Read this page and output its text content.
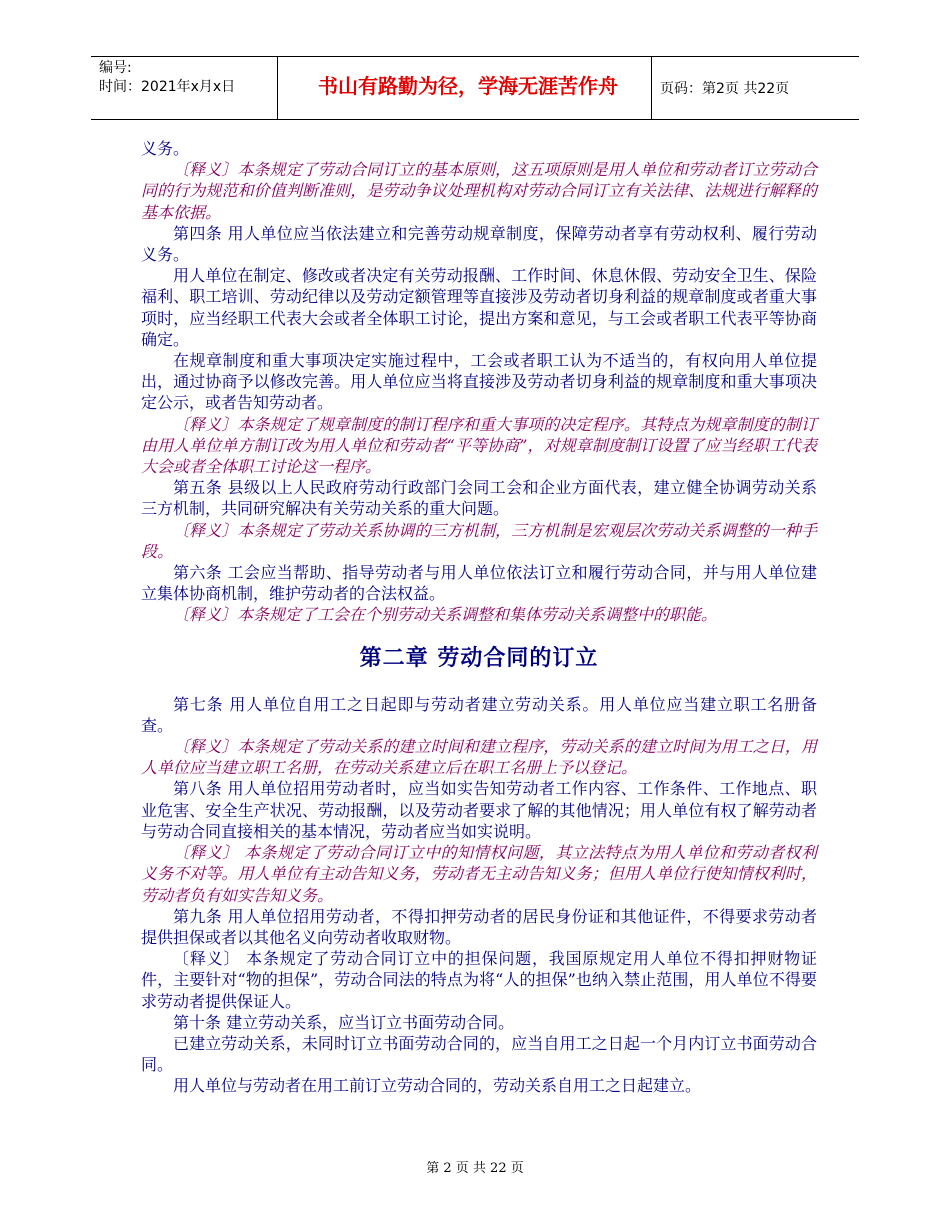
编号:
时间：2021年x月x日	书山有路勤为径，学海无涯苦作舟	页码：第2页 共22页

义务。

〔释义〕本条规定了劳动合同订立的基本原则，这五项原则是用人单位和劳动者订立劳动合同的行为规范和价值判断准则，是劳动争议处理机构对劳动合同订立有关法律、法规进行解释的基本依据。

第四条 用人单位应当依法建立和完善劳动规章制度，保障劳动者享有劳动权利、履行劳动义务。

用人单位在制定、修改或者决定有关劳动报酬、工作时间、休息休假、劳动安全卫生、保险福利、职工培训、劳动纪律以及劳动定额管理等直接涉及劳动者切身利益的规章制度或者重大事项时，应当经职工代表大会或者全体职工讨论，提出方案和意见，与工会或者职工代表平等协商确定。

在规章制度和重大事项决定实施过程中，工会或者职工认为不适当的，有权向用人单位提出，通过协商予以修改完善。用人单位应当将直接涉及劳动者切身利益的规章制度和重大事项决定公示，或者告知劳动者。

〔释义〕本条规定了规章制度的制订程序和重大事项的决定程序。其特点为规章制度的制订由用人单位单方制订改为用人单位和劳动者“平等协商”，对规章制度制订设置了应当经职工代表大会或者全体职工讨论这一程序。

第五条 县级以上人民政府劳动行政部门会同工会和企业方面代表，建立健全协调劳动关系三方机制，共同研究解决有关劳动关系的重大问题。

〔释义〕本条规定了劳动关系协调的三方机制，三方机制是宏观层次劳动关系调整的一种手段。

第六条 工会应当帮助、指导劳动者与用人单位依法订立和履行劳动合同，并与用人单位建立集体协商机制，维护劳动者的合法权益。

〔释义〕本条规定了工会在个别劳动关系调整和集体劳动关系调整中的职能。

第二章 劳动合同的订立

第七条 用人单位自用工之日起即与劳动者建立劳动关系。用人单位应当建立职工名册备查。

〔释义〕本条规定了劳动关系的建立时间和建立程序，劳动关系的建立时间为用工之日，用人单位应当建立职工名册，在劳动关系建立后在职工名册上予以登记。

第八条 用人单位招用劳动者时，应当如实告知劳动者工作内容、工作条件、工作地点、职业危害、安全生产状况、劳动报酬，以及劳动者要求了解的其他情况；用人单位有权了解劳动者与劳动合同直接相关的基本情况，劳动者应当如实说明。

〔释义〕 本条规定了劳动合同订立中的知情权问题，其立法特点为用人单位和劳动者权利义务不对等。用人单位有主动告知义务，劳动者无主动告知义务；但用人单位行使知情权利时，劳动者负有如实告知义务。

第九条 用人单位招用劳动者，不得扣押劳动者的居民身份证和其他证件，不得要求劳动者提供担保或者以其他名义向劳动者收取财物。

〔释义〕 本条规定了劳动合同订立中的担保问题，我国原规定用人单位不得扣押财物证件，主要针对“物的担保”，劳动合同法的特点为将“人的担保”也纳入禁止范围，用人单位不得要求劳动者提供保证人。

第十条 建立劳动关系，应当订立书面劳动合同。

已建立劳动关系，未同时订立书面劳动合同的，应当自用工之日起一个月内订立书面劳动合同。

用人单位与劳动者在用工前订立劳动合同的，劳动关系自用工之日起建立。

第 2 页 共 22 页
